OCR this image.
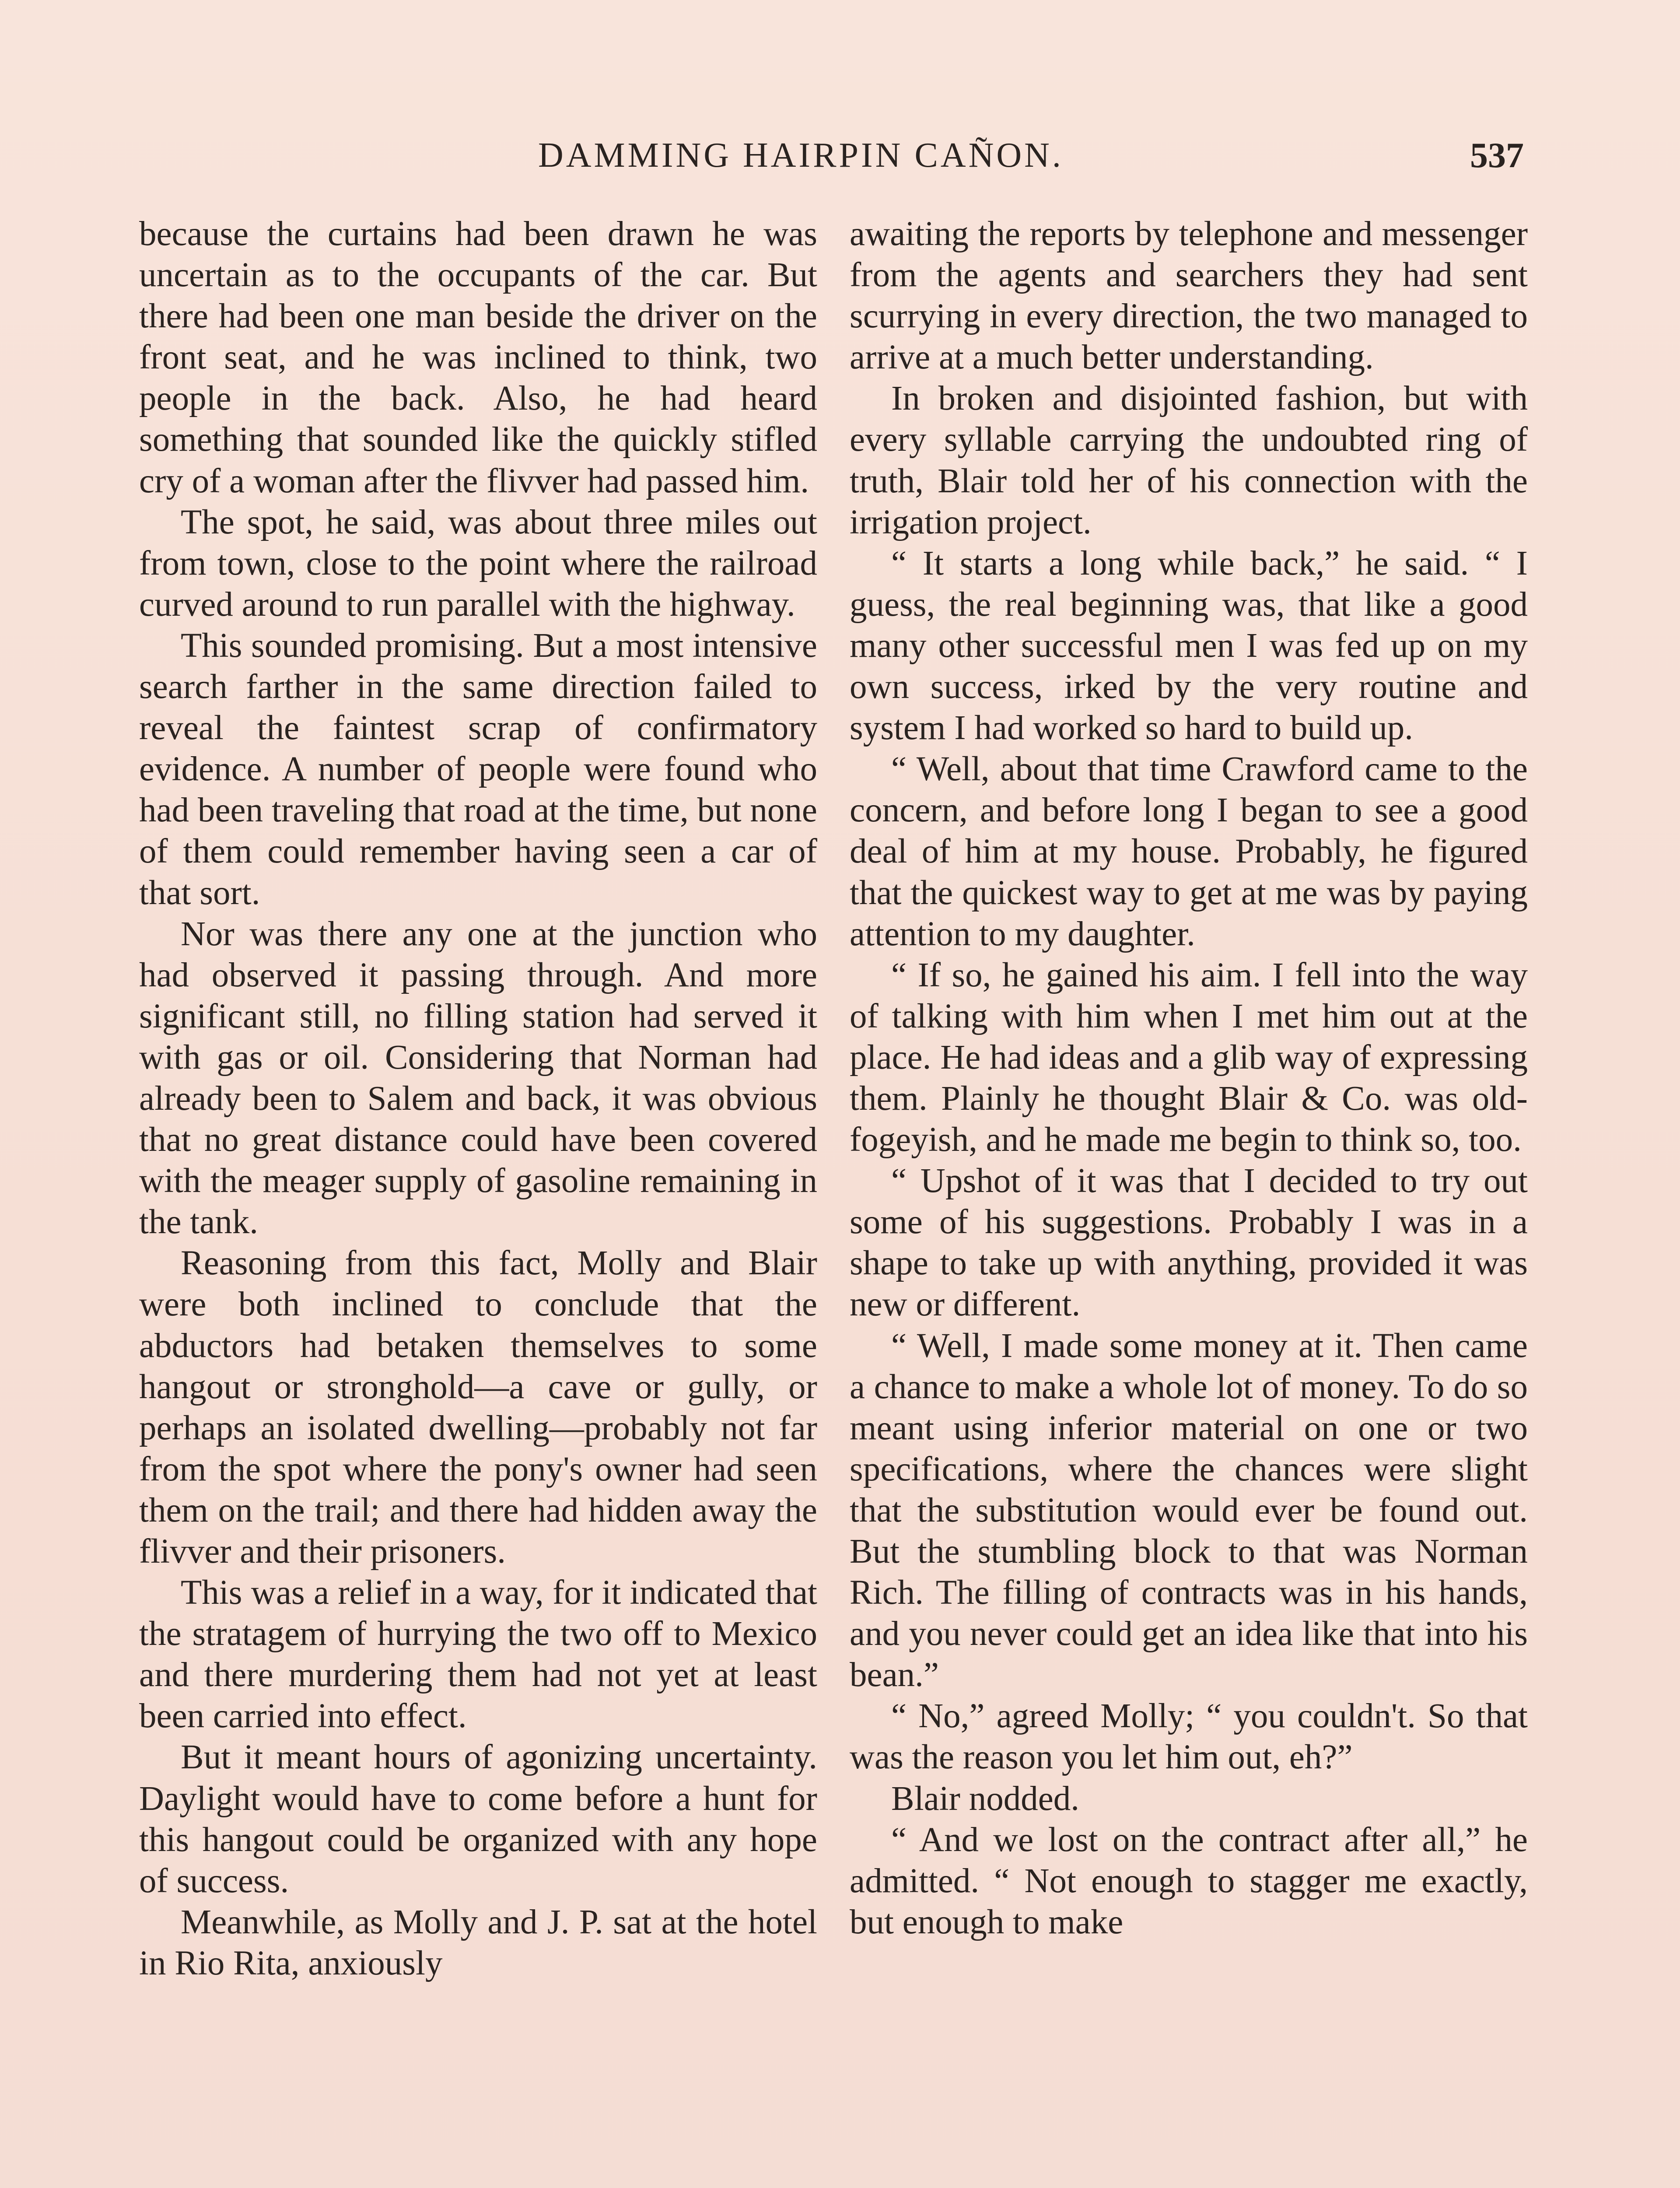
DAMMING HAIRPIN CAÑON.	537

because the curtains had been drawn he was uncertain as to the occupants of the car. But there had been one man beside the driver on the front seat, and he was inclined to think, two people in the back. Also, he had heard something that sounded like the quickly stifled cry of a woman after the flivver had passed him.

The spot, he said, was about three miles out from town, close to the point where the railroad curved around to run parallel with the highway.

This sounded promising. But a most intensive search farther in the same direction failed to reveal the faintest scrap of confirmatory evidence. A number of people were found who had been traveling that road at the time, but none of them could remember having seen a car of that sort.

Nor was there any one at the junction who had observed it passing through. And more significant still, no filling station had served it with gas or oil. Considering that Norman had already been to Salem and back, it was obvious that no great distance could have been covered with the meager supply of gasoline remaining in the tank.

Reasoning from this fact, Molly and Blair were both inclined to conclude that the abductors had betaken themselves to some hangout or stronghold—a cave or gully, or perhaps an isolated dwelling—probably not far from the spot where the pony's owner had seen them on the trail; and there had hidden away the flivver and their prisoners.

This was a relief in a way, for it indicated that the stratagem of hurrying the two off to Mexico and there murdering them had not yet at least been carried into effect.

But it meant hours of agonizing uncertainty. Daylight would have to come before a hunt for this hangout could be organized with any hope of success.

Meanwhile, as Molly and J. P. sat at the hotel in Rio Rita, anxiously

awaiting the reports by telephone and messenger from the agents and searchers they had sent scurrying in every direction, the two managed to arrive at a much better understanding.

In broken and disjointed fashion, but with every syllable carrying the undoubted ring of truth, Blair told her of his connection with the irrigation project.

“ It starts a long while back,” he said. “ I guess, the real beginning was, that like a good many other successful men I was fed up on my own success, irked by the very routine and system I had worked so hard to build up.

“ Well, about that time Crawford came to the concern, and before long I began to see a good deal of him at my house. Probably, he figured that the quickest way to get at me was by paying attention to my daughter.

“ If so, he gained his aim. I fell into the way of talking with him when I met him out at the place. He had ideas and a glib way of expressing them. Plainly he thought Blair & Co. was old-fogeyish, and he made me begin to think so, too.

“ Upshot of it was that I decided to try out some of his suggestions. Probably I was in a shape to take up with anything, provided it was new or different.

“ Well, I made some money at it. Then came a chance to make a whole lot of money. To do so meant using inferior material on one or two specifications, where the chances were slight that the substitution would ever be found out. But the stumbling block to that was Norman Rich. The filling of contracts was in his hands, and you never could get an idea like that into his bean.”

“ No,” agreed Molly; “ you couldn't. So that was the reason you let him out, eh?”

Blair nodded.

“ And we lost on the contract after all,” he admitted. “ Not enough to stagger me exactly, but enough to make
